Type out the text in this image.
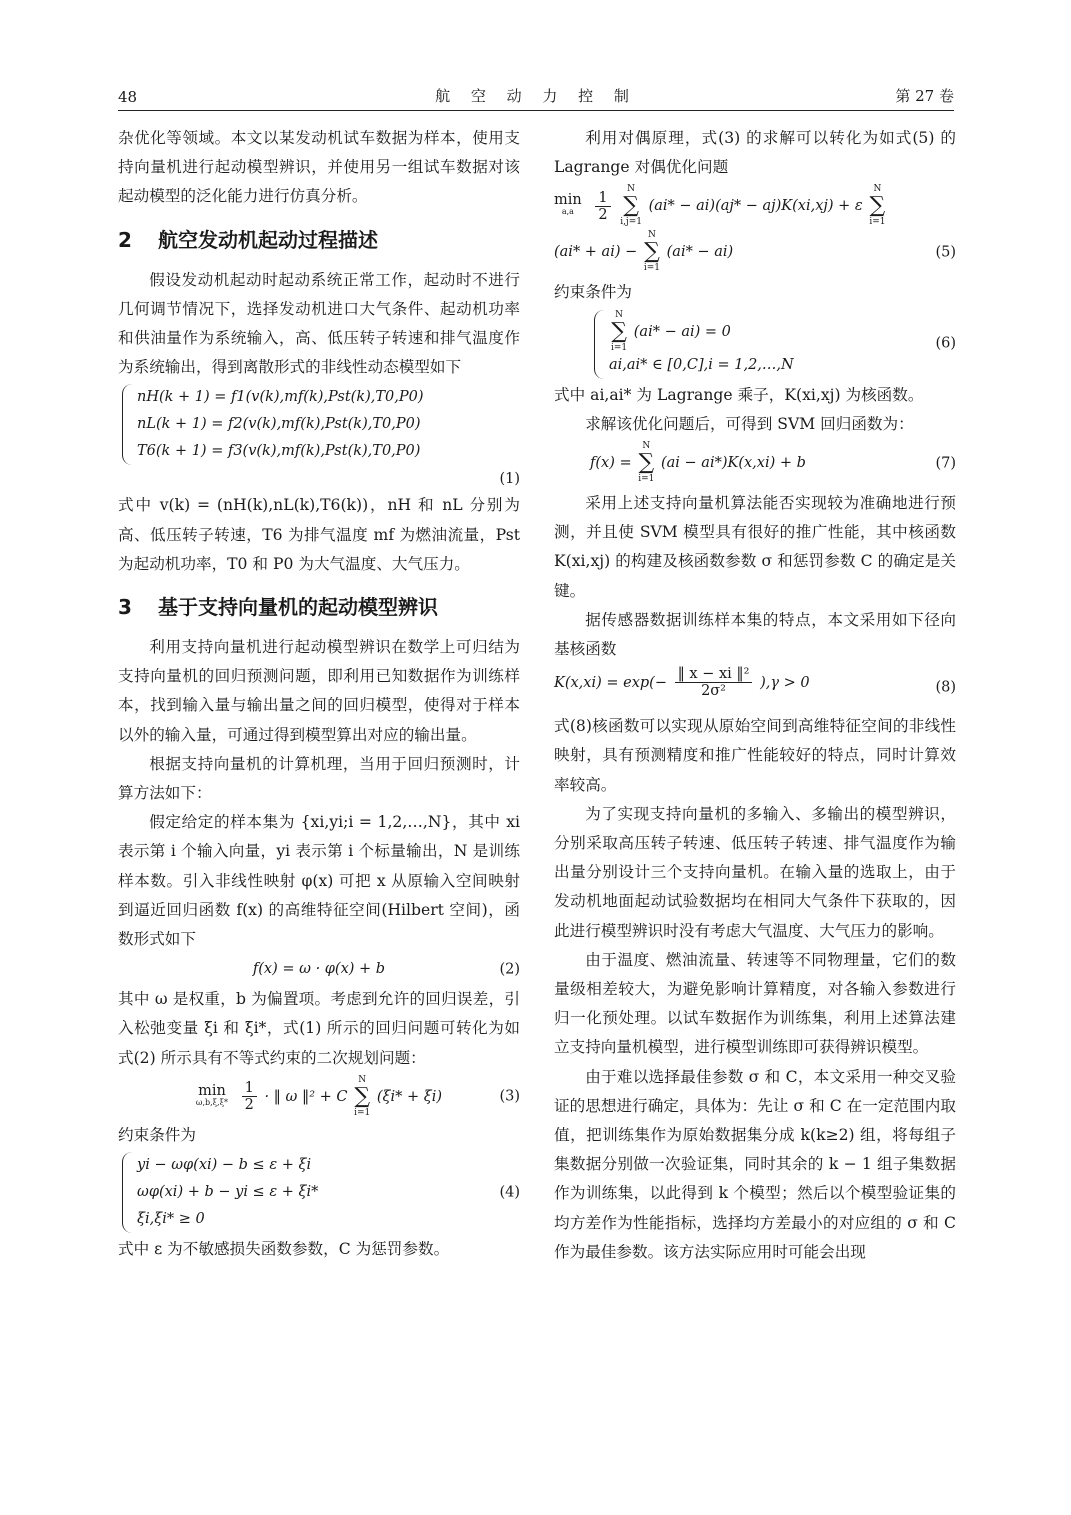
48	航 空 动 力 控 制	第 27 卷

杂优化等领域。本文以某发动机试车数据为样本，使用支持向量机进行起动模型辨识，并使用另一组试车数据对该起动模型的泛化能力进行仿真分析。

2 航空发动机起动过程描述

假设发动机起动时起动系统正常工作，起动时不进行几何调节情况下，选择发动机进口大气条件、起动机功率和供油量作为系统输入，高、低压转子转速和排气温度作为系统输出，得到离散形式的非线性动态模型如下

nH(k + 1) = f1(v(k),mf(k),Pst(k),T0,P0)
nL(k + 1) = f2(v(k),mf(k),Pst(k),T0,P0)
T6(k + 1) = f3(v(k),mf(k),Pst(k),T0,P0)
(1)

式中 v(k) = (nH(k),nL(k),T6(k))，nH 和 nL 分别为高、低压转子转速，T6 为排气温度 mf 为燃油流量，Pst 为起动机功率，T0 和 P0 为大气温度、大气压力。

3 基于支持向量机的起动模型辨识

利用支持向量机进行起动模型辨识在数学上可归结为支持向量机的回归预测问题，即利用已知数据作为训练样本，找到输入量与输出量之间的回归模型，使得对于样本以外的输入量，可通过得到模型算出对应的输出量。

根据支持向量机的计算机理，当用于回归预测时，计算方法如下：

假定给定的样本集为 {xi,yi;i = 1,2,…,N}，其中 xi 表示第 i 个输入向量，yi 表示第 i 个标量输出，N 是训练样本数。引入非线性映射 φ(x) 可把 x 从原输入空间映射到逼近回归函数 f(x) 的高维特征空间(Hilbert 空间)，函数形式如下

f(x) = ω · φ(x) + b	(2)

其中 ω 是权重，b 为偏置项。考虑到允许的回归误差，引入松弛变量 ξi 和 ξi*，式(1) 所示的回归问题可转化为如式(2) 所示具有不等式约束的二次规划问题：

min
ω,b,ξ,ξ*
$\frac{1}{2}$ · ‖ ω ‖² + C
N
∑
i=1
(ξi* + ξi)	(3)

约束条件为

yi − ωφ(xi) − b ≤ ε + ξi
ωφ(xi) + b − yi ≤ ε + ξi*
ξi,ξi* ≥ 0
(4)

式中 ε 为不敏感损失函数参数，C 为惩罚参数。

利用对偶原理，式(3) 的求解可以转化为如式(5) 的 Lagrange 对偶优化问题

min
a,a
	$\frac{1}{2}$

N
∑
i,j=1
(ai* − ai)(aj* − aj)K(xi,xj) + ε
N
∑
i=1
(ai* + ai) −
N
∑
i=1
(ai* − ai)	(5)

约束条件为

N
∑
i=1
(ai* − ai) = 0
ai,ai* ∈ [0,C],i = 1,2,…,N
(6)

式中 ai,ai* 为 Lagrange 乘子，K(xi,xj) 为核函数。

求解该优化问题后，可得到 SVM 回归函数为：

f(x) =
N
∑
i=1
(ai − ai*)K(x,xi) + b	(7)

采用上述支持向量机算法能否实现较为准确地进行预测，并且使 SVM 模型具有很好的推广性能，其中核函数 K(xi,xj) 的构建及核函数参数 σ 和惩罚参数 C 的确定是关键。

据传感器数据训练样本集的特点，本文采用如下径向基核函数

$K(x,xi) = \exp(- \frac{\text{‖ x − xi ‖²}}{\text{2σ²}} ),\gamma > 0$	(8)

式(8)核函数可以实现从原始空间到高维特征空间的非线性映射，具有预测精度和推广性能较好的特点，同时计算效率较高。

为了实现支持向量机的多输入、多输出的模型辨识，分别采取高压转子转速、低压转子转速、排气温度作为输出量分别设计三个支持向量机。在输入量的选取上，由于发动机地面起动试验数据均在相同大气条件下获取的，因此进行模型辨识时没有考虑大气温度、大气压力的影响。

由于温度、燃油流量、转速等不同物理量，它们的数量级相差较大，为避免影响计算精度，对各输入参数进行归一化预处理。以试车数据作为训练集，利用上述算法建立支持向量机模型，进行模型训练即可获得辨识模型。

由于难以选择最佳参数 σ 和 C，本文采用一种交叉验证的思想进行确定，具体为：先让 σ 和 C 在一定范围内取值，把训练集作为原始数据集分成 k(k≥2) 组，将每组子集数据分别做一次验证集，同时其余的 k − 1 组子集数据作为训练集，以此得到 k 个模型；然后以个模型验证集的均方差作为性能指标，选择均方差最小的对应组的 σ 和 C 作为最佳参数。该方法实际应用时可能会出现
